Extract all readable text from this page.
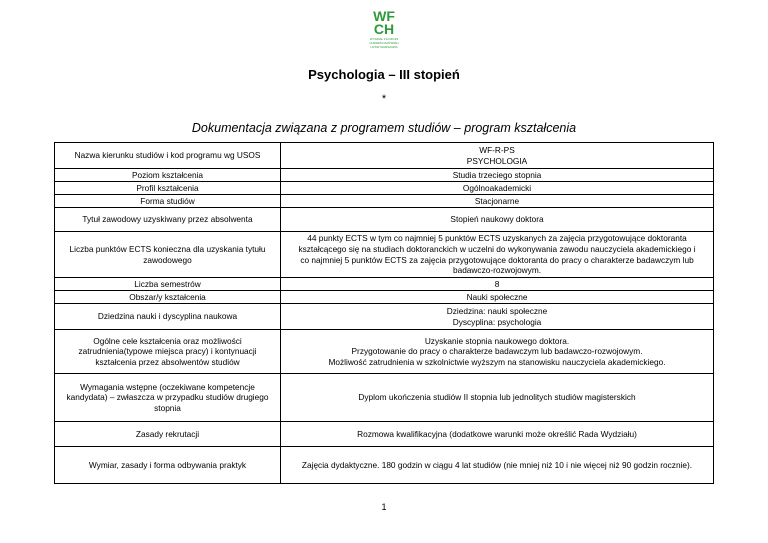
WF
CH
WYDZIAŁ FILOZOFII
CHRZEŚCIJAŃSKIEJ
UKSW WARSZAWA
Psychologia – III stopień
*
Dokumentacja związana z programem studiów – program kształcenia
Nazwa kierunku studiów i kod programu wg USOS	WF-R-PS
PSYCHOLOGIA
Poziom kształcenia	Studia trzeciego stopnia
Profil kształcenia	Ogólnoakademicki
Forma studiów	Stacjonarne
Tytuł zawodowy uzyskiwany przez absolwenta	Stopień naukowy doktora
Liczba punktów ECTS konieczna dla uzyskania tytułu
zawodowego	44 punkty ECTS w tym co najmniej 5 punktów ECTS uzyskanych za zajęcia przygotowujące doktoranta
kształcącego się na studiach doktoranckich w uczelni do wykonywania zawodu nauczyciela akademickiego i
co najmniej 5 punktów ECTS za zajęcia przygotowujące doktoranta do pracy o charakterze badawczym lub
badawczo-rozwojowym.
Liczba semestrów	8
Obszar/y kształcenia	Nauki społeczne
Dziedzina nauki i dyscyplina naukowa	Dziedzina: nauki społeczne
Dyscyplina: psychologia
Ogólne cele kształcenia oraz możliwości
zatrudnienia(typowe miejsca pracy) i kontynuacji
kształcenia przez absolwentów studiów	Uzyskanie stopnia naukowego doktora.
Przygotowanie do pracy o charakterze badawczym lub badawczo-rozwojowym.
Możliwość zatrudnienia w szkolnictwie wyższym na stanowisku nauczyciela akademickiego.
Wymagania wstępne (oczekiwane kompetencje
kandydata) – zwłaszcza w przypadku studiów drugiego
stopnia	Dyplom ukończenia studiów II stopnia lub jednolitych studiów magisterskich
Zasady rekrutacji	Rozmowa kwalifikacyjna (dodatkowe warunki może określić Rada Wydziału)
Wymiar, zasady i forma odbywania praktyk	Zajęcia dydaktyczne. 180 godzin w ciągu 4 lat studiów (nie mniej niż 10 i nie więcej niż 90 godzin rocznie).
1
